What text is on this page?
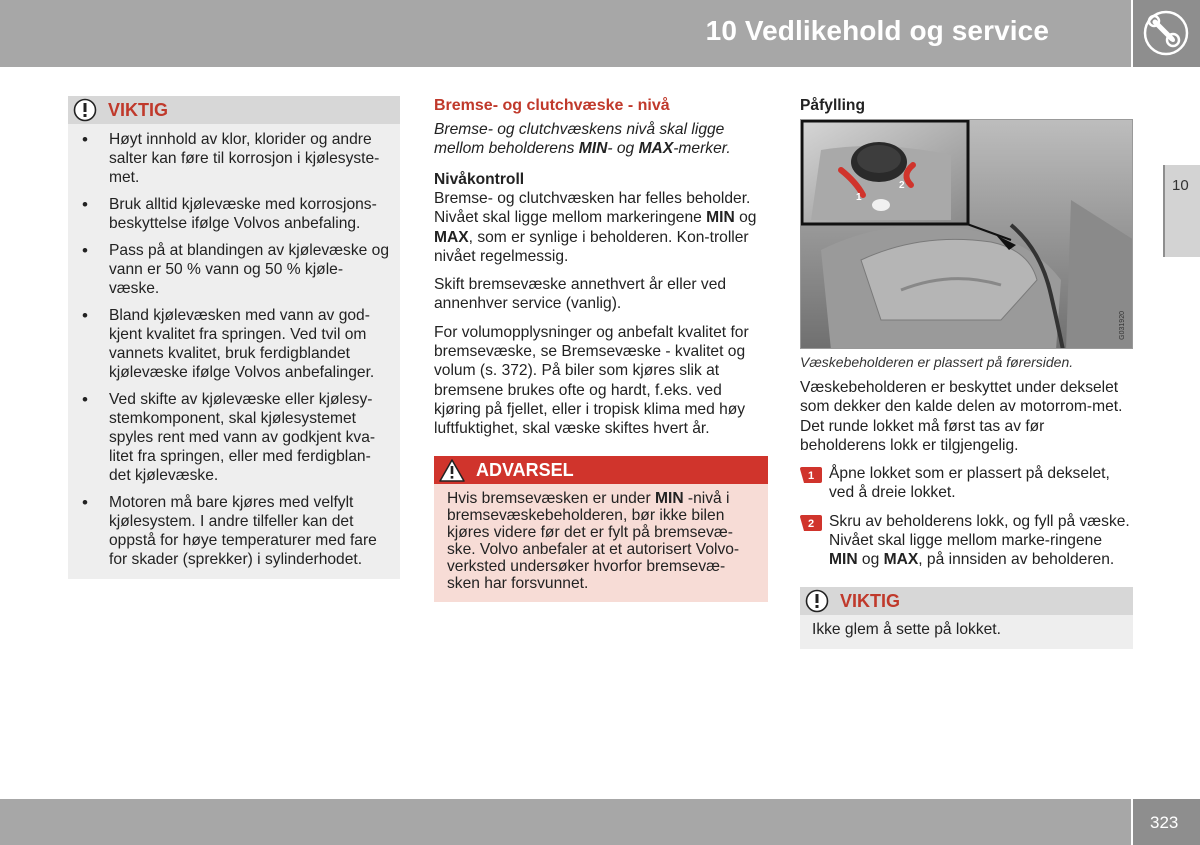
10 Vedlikehold og service
10
VIKTIG
• Høyt innhold av klor, klorider og andre salter kan føre til korrosjon i kjølesyste-met.
• Bruk alltid kjølevæske med korrosjons-beskyttelse ifølge Volvos anbefaling.
• Pass på at blandingen av kjølevæske og vann er 50 % vann og 50 % kjøle-væske.
• Bland kjølevæsken med vann av god-kjent kvalitet fra springen. Ved tvil om vannets kvalitet, bruk ferdigblandet kjølevæske ifølge Volvos anbefalinger.
• Ved skifte av kjølevæske eller kjølesy-stemkomponent, skal kjølesystemet spyles rent med vann av godkjent kva-litet fra springen, eller med ferdigblan-det kjølevæske.
• Motoren må bare kjøres med velfylt kjølesystem. I andre tilfeller kan det oppstå for høye temperaturer med fare for skader (sprekker) i sylinderhodet.
Bremse- og clutchvæske - nivå
Bremse- og clutchvæskens nivå skal ligge mellom beholderens MIN- og MAX-merker.
Nivåkontroll
Bremse- og clutchvæsken har felles beholder. Nivået skal ligge mellom markeringene MIN og MAX, som er synlige i beholderen. Kon-troller nivået regelmessig.
Skift bremsevæske annethvert år eller ved annenhver service (vanlig).
For volumopplysninger og anbefalt kvalitet for bremsevæske, se Bremsevæske - kvalitet og volum (s. 372). På biler som kjøres slik at bremsene brukes ofte og hardt, f.eks. ved kjøring på fjellet, eller i tropisk klima med høy luftfuktighet, skal væske skiftes hvert år.
ADVARSEL
Hvis bremsevæsken er under MIN -nivå i bremsevæskebeholderen, bør ikke bilen kjøres videre før det er fylt på bremsevæ-ske. Volvo anbefaler at et autorisert Volvo-verksted undersøker hvorfor bremsevæ-sken har forsvunnet.
Påfylling
1
2
G031920
Væskebeholderen er plassert på førersiden.
Væskebeholderen er beskyttet under dekselet som dekker den kalde delen av motorrom-met. Det runde lokket må først tas av før beholderens lokk er tilgjengelig.
1 Åpne lokket som er plassert på dekselet, ved å dreie lokket.
2 Skru av beholderens lokk, og fyll på væske. Nivået skal ligge mellom marke-ringene MIN og MAX, på innsiden av beholderen.
VIKTIG
Ikke glem å sette på lokket.
323
